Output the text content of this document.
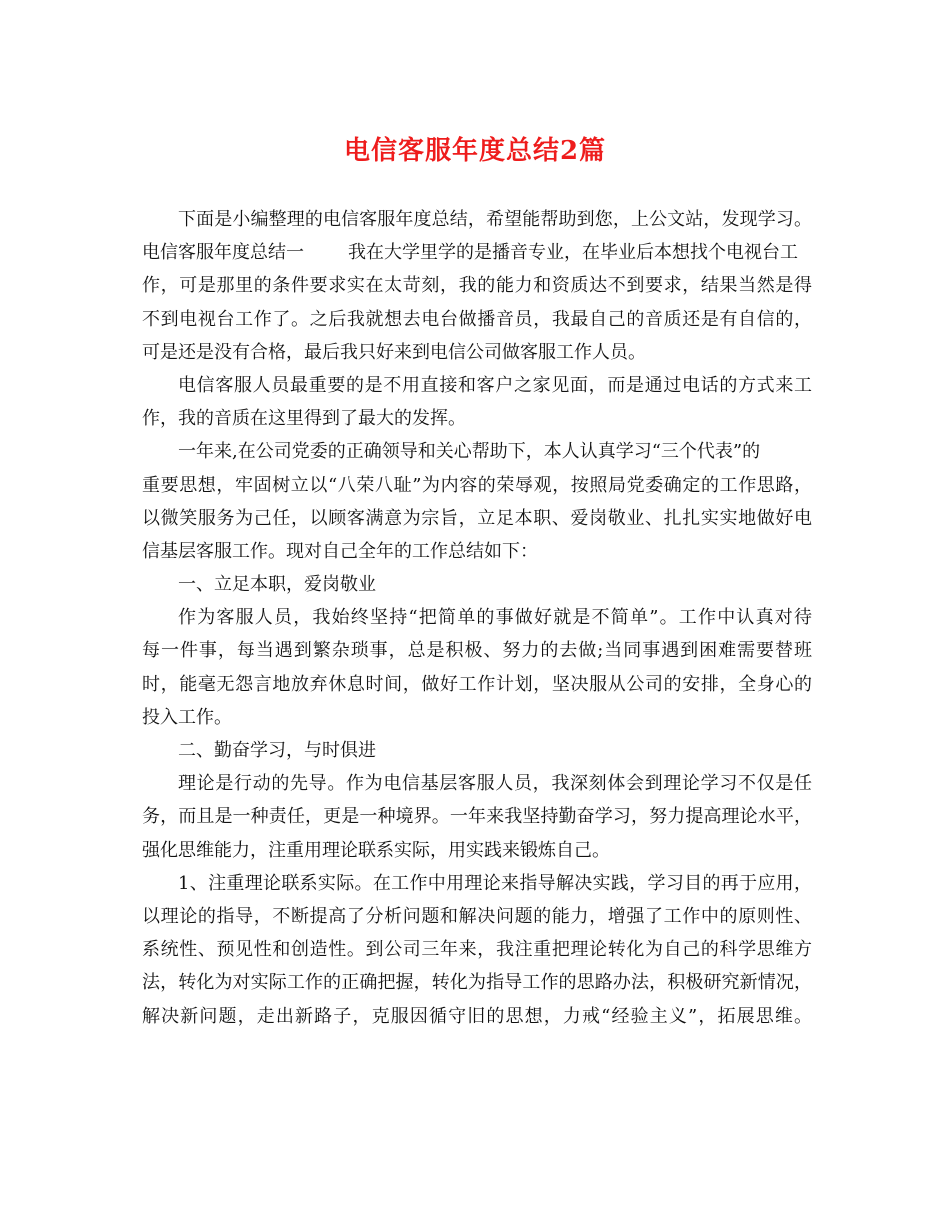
电信客服年度总结2篇

下面是小编整理的电信客服年度总结，希望能帮助到您，上公文站，发现学习。

电信客服年度总结一 我在大学里学的是播音专业，在毕业后本想找个电视台工

作，可是那里的条件要求实在太苛刻，我的能力和资质达不到要求，结果当然是得

不到电视台工作了。之后我就想去电台做播音员，我最自己的音质还是有自信的，

可是还是没有合格，最后我只好来到电信公司做客服工作人员。

电信客服人员最重要的是不用直接和客户之家见面，而是通过电话的方式来工

作，我的音质在这里得到了最大的发挥。

一年来,在公司党委的正确领导和关心帮助下，本人认真学习“三个代表”的

重要思想，牢固树立以“八荣八耻”为内容的荣辱观，按照局党委确定的工作思路，

以微笑服务为己任，以顾客满意为宗旨，立足本职、爱岗敬业、扎扎实实地做好电

信基层客服工作。现对自己全年的工作总结如下：

一、立足本职，爱岗敬业

作为客服人员，我始终坚持“把简单的事做好就是不简单”。工作中认真对待

每一件事，每当遇到繁杂琐事，总是积极、努力的去做;当同事遇到困难需要替班

时，能毫无怨言地放弃休息时间，做好工作计划，坚决服从公司的安排，全身心的

投入工作。

二、勤奋学习，与时俱进

理论是行动的先导。作为电信基层客服人员，我深刻体会到理论学习不仅是任

务，而且是一种责任，更是一种境界。一年来我坚持勤奋学习，努力提高理论水平，

强化思维能力，注重用理论联系实际，用实践来锻炼自己。

1、注重理论联系实际。在工作中用理论来指导解决实践，学习目的再于应用，

以理论的指导，不断提高了分析问题和解决问题的能力，增强了工作中的原则性、

系统性、预见性和创造性。到公司三年来，我注重把理论转化为自己的科学思维方

法，转化为对实际工作的正确把握，转化为指导工作的思路办法，积极研究新情况，

解决新问题，走出新路子，克服因循守旧的思想，力戒“经验主义”，拓展思维。
